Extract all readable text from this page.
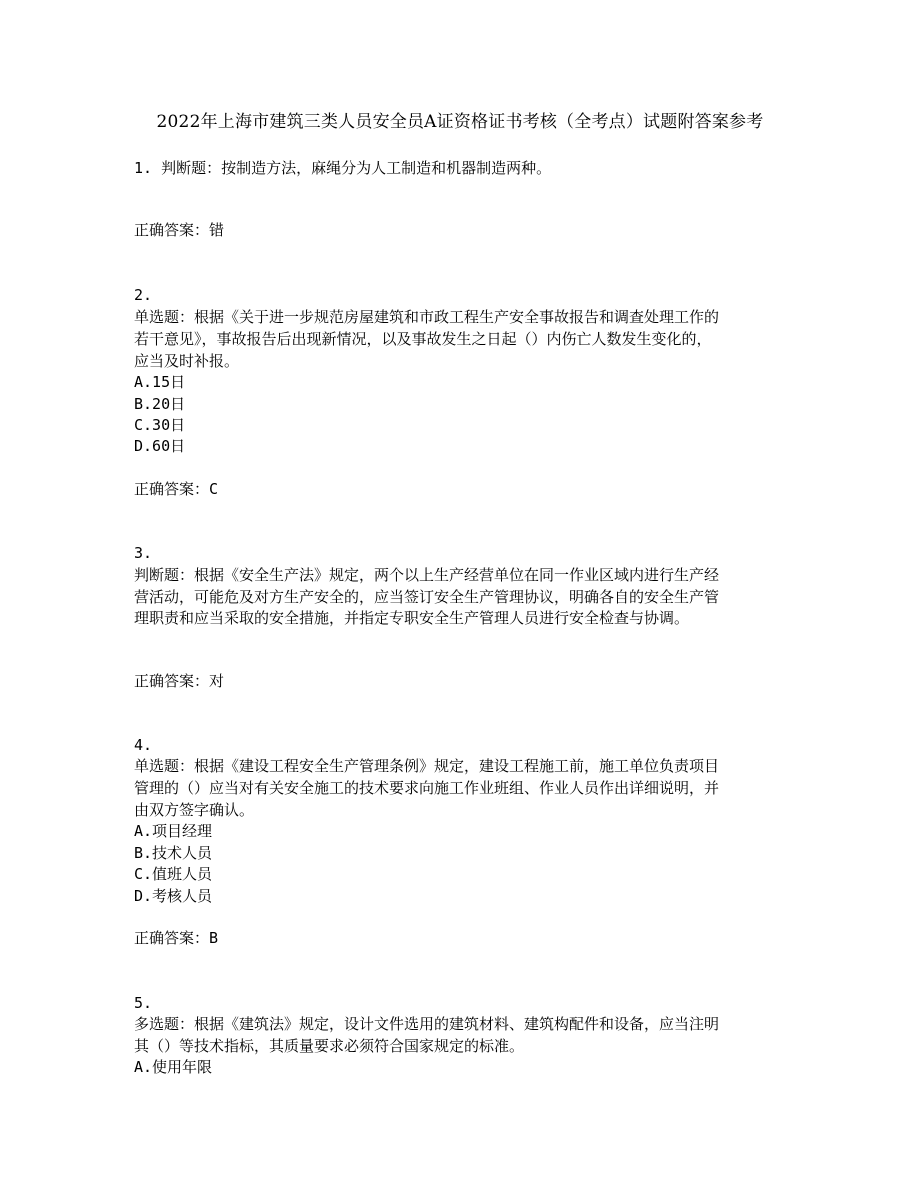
2022年上海市建筑三类人员安全员A证资格证书考核（全考点）试题附答案参考
1. 判断题：按制造方法，麻绳分为人工制造和机器制造两种。
正确答案：错
2.
单选题：根据《关于进一步规范房屋建筑和市政工程生产安全事故报告和调查处理工作的
若干意见》，事故报告后出现新情况，以及事故发生之日起（）内伤亡人数发生变化的，
应当及时补报。
A.15日
B.20日
C.30日
D.60日
正确答案：C
3.
判断题：根据《安全生产法》规定，两个以上生产经营单位在同一作业区域内进行生产经
营活动，可能危及对方生产安全的，应当签订安全生产管理协议，明确各自的安全生产管
理职责和应当采取的安全措施，并指定专职安全生产管理人员进行安全检查与协调。
正确答案：对
4.
单选题：根据《建设工程安全生产管理条例》规定，建设工程施工前，施工单位负责项目
管理的（）应当对有关安全施工的技术要求向施工作业班组、作业人员作出详细说明，并
由双方签字确认。
A.项目经理
B.技术人员
C.值班人员
D.考核人员
正确答案：B
5.
多选题：根据《建筑法》规定，设计文件选用的建筑材料、建筑构配件和设备，应当注明
其（）等技术指标，其质量要求必须符合国家规定的标准。
A.使用年限
